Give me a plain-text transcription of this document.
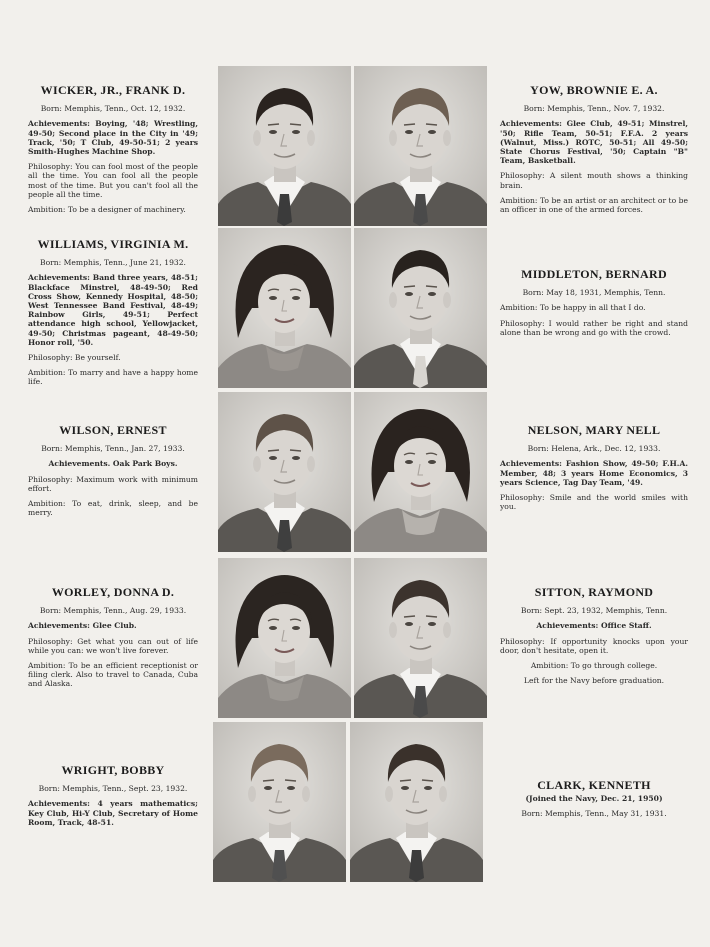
WICKER, JR., FRANK D.
Born: Memphis, Tenn., Oct. 12, 1932.
Achievements: Boying, '48; Wrestling, 49-50; Second place in the City in '49; Track, '50; T Club, 49-50-51; 2 years Smith-Hughes Machine Shop.
Philosophy: You can fool most of the people all the time. You can fool all the people most of the time. But you can't fool all the people all the time.
Ambition: To be a designer of machinery.
YOW, BROWNIE E. A.
Born: Memphis, Tenn., Nov. 7, 1932.
Achievements: Glee Club, 49-51; Minstrel, '50; Rifle Team, 50-51; F.F.A. 2 years (Walnut, Miss.) ROTC, 50-51; All 49-50; State Chorus Festival, '50; Captain "B" Team, Basketball.
Philosophy: A silent mouth shows a thinking brain.
Ambition: To be an artist or an architect or to be an officer in one of the armed forces.
WILLIAMS, VIRGINIA M.
Born: Memphis, Tenn., June 21, 1932.
Achievements: Band three years, 48-51; Blackface Minstrel, 48-49-50; Red Cross Show, Kennedy Hospital, 48-50; West Tennessee Band Festival, 48-49; Rainbow Girls, 49-51; Perfect attendance high school, Yellowjacket, 49-50; Christmas pageant, 48-49-50; Honor roll, '50.
Philosophy: Be yourself.
Ambition: To marry and have a happy home life.
MIDDLETON, BERNARD
Born: May 18, 1931, Memphis, Tenn.
Ambition: To be happy in all that I do.
Philosophy: I would rather be right and stand alone than be wrong and go with the crowd.
WILSON, ERNEST
Born: Memphis, Tenn., Jan. 27, 1933.
Achievements. Oak Park Boys.
Philosophy: Maximum work with minimum effort.
Ambition: To eat, drink, sleep, and be merry.
NELSON, MARY NELL
Born: Helena, Ark., Dec. 12, 1933.
Achievements: Fashion Show, 49-50; F.H.A. Member, 48; 3 years Home Economics, 3 years Science, Tag Day Team, '49.
Philosophy: Smile and the world smiles with you.
WORLEY, DONNA D.
Born: Memphis, Tenn., Aug. 29, 1933.
Achievements: Glee Club.
Philosophy: Get what you can out of life while you can: we won't live forever.
Ambition: To be an efficient receptionist or filing clerk. Also to travel to Canada, Cuba and Alaska.
SITTON, RAYMOND
Born: Sept. 23, 1932, Memphis, Tenn.
Achievements: Office Staff.
Philosophy: If opportunity knocks upon your door, don't hesitate, open it.
Ambition: To go through college.
Left for the Navy before graduation.
WRIGHT, BOBBY
Born: Memphis, Tenn., Sept. 23, 1932.
Achievements: 4 years mathematics; Key Club, Hi-Y Club, Secretary of Home Room, Track, 48-51.
CLARK, KENNETH
(Joined the Navy, Dec. 21, 1950)
Born: Memphis, Tenn., May 31, 1931.
